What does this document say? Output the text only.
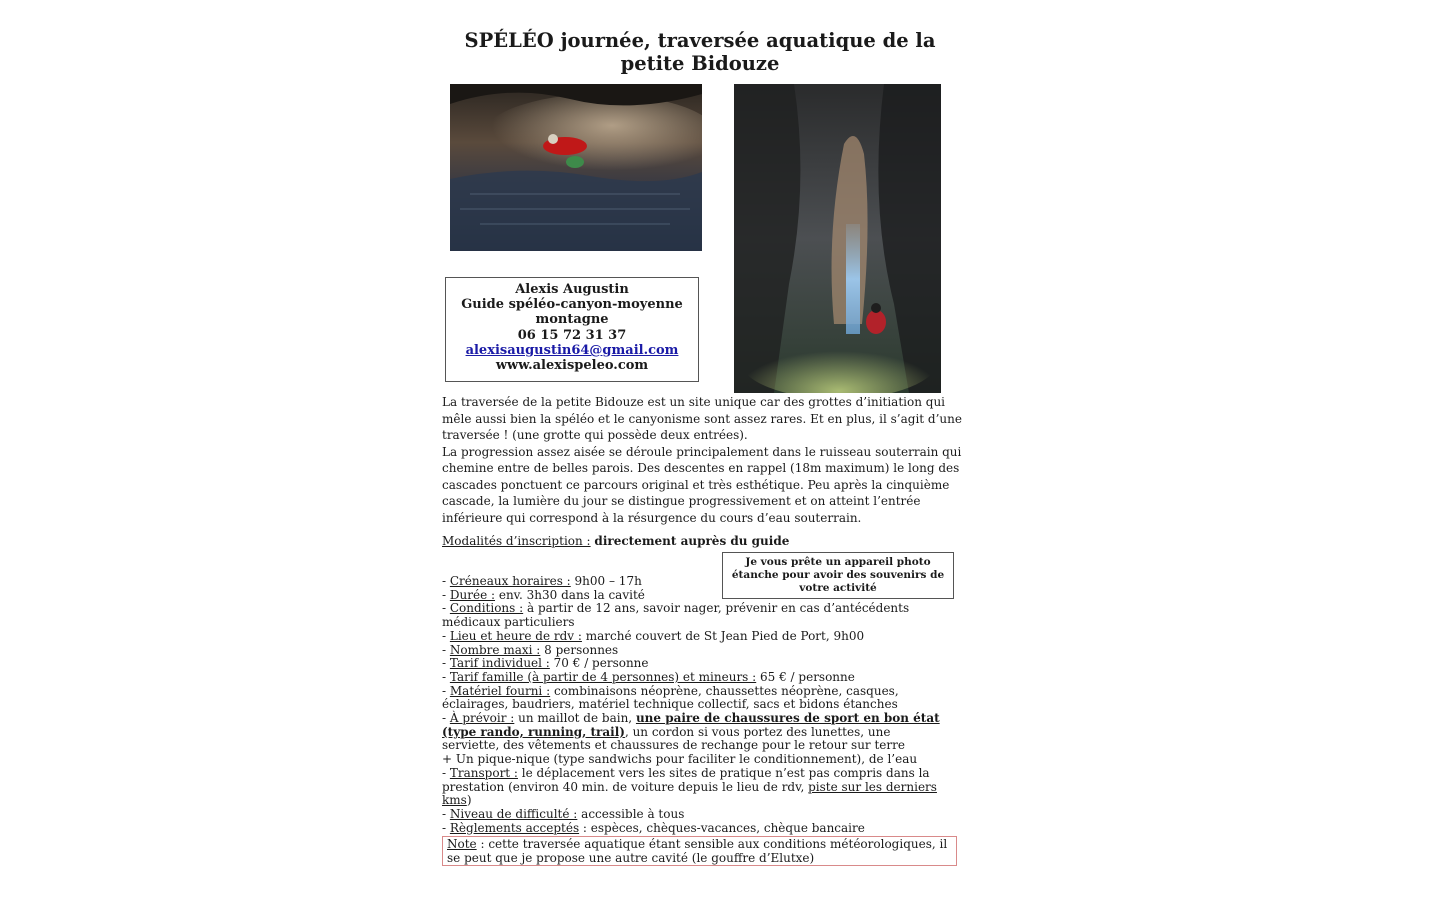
SPÉLÉO journée, traversée aquatique de la petite Bidouze
Alexis Augustin
Guide spéléo-canyon-moyenne montagne
06 15 72 31 37
alexisaugustin64@gmail.com
www.alexispeleo.com

La traversée de la petite Bidouze est un site unique car des grottes d’initiation qui mêle aussi bien la spéléo et le canyonisme sont assez rares. Et en plus, il s’agit d’une traversée ! (une grotte qui possède deux entrées).

La progression assez aisée se déroule principalement dans le ruisseau souterrain qui chemine entre de belles parois. Des descentes en rappel (18m maximum) le long des cascades ponctuent ce parcours original et très esthétique. Peu après la cinquième cascade, la lumière du jour se distingue progressivement et on atteint l’entrée inférieure qui correspond à la résurgence du cours d’eau souterrain.

Modalités d’inscription : directement auprès du guide
Je vous prête un appareil photo étanche pour avoir des souvenirs de votre activité
- Créneaux horaires : 9h00 – 17h
- Durée : env. 3h30 dans la cavité
- Conditions : à partir de 12 ans, savoir nager, prévenir en cas d’antécédents médicaux particuliers
- Lieu et heure de rdv : marché couvert de St Jean Pied de Port, 9h00
- Nombre maxi : 8 personnes
- Tarif individuel : 70 € / personne
- Tarif famille (à partir de 4 personnes) et mineurs : 65 € / personne
- Matériel fourni : combinaisons néoprène, chaussettes néoprène, casques, éclairages, baudriers, matériel technique collectif, sacs et bidons étanches
- À prévoir : un maillot de bain, une paire de chaussures de sport en bon état (type rando, running, trail), un cordon si vous portez des lunettes, une serviette, des vêtements et chaussures de rechange pour le retour sur terre
+ Un pique-nique (type sandwichs pour faciliter le conditionnement), de l’eau
- Transport : le déplacement vers les sites de pratique n’est pas compris dans la prestation (environ 40 min. de voiture depuis le lieu de rdv, piste sur les derniers kms)
- Niveau de difficulté : accessible à tous
- Règlements acceptés : espèces, chèques-vacances, chèque bancaire
Note : cette traversée aquatique étant sensible aux conditions météorologiques, il se peut que je propose une autre cavité (le gouffre d’Elutxe)
